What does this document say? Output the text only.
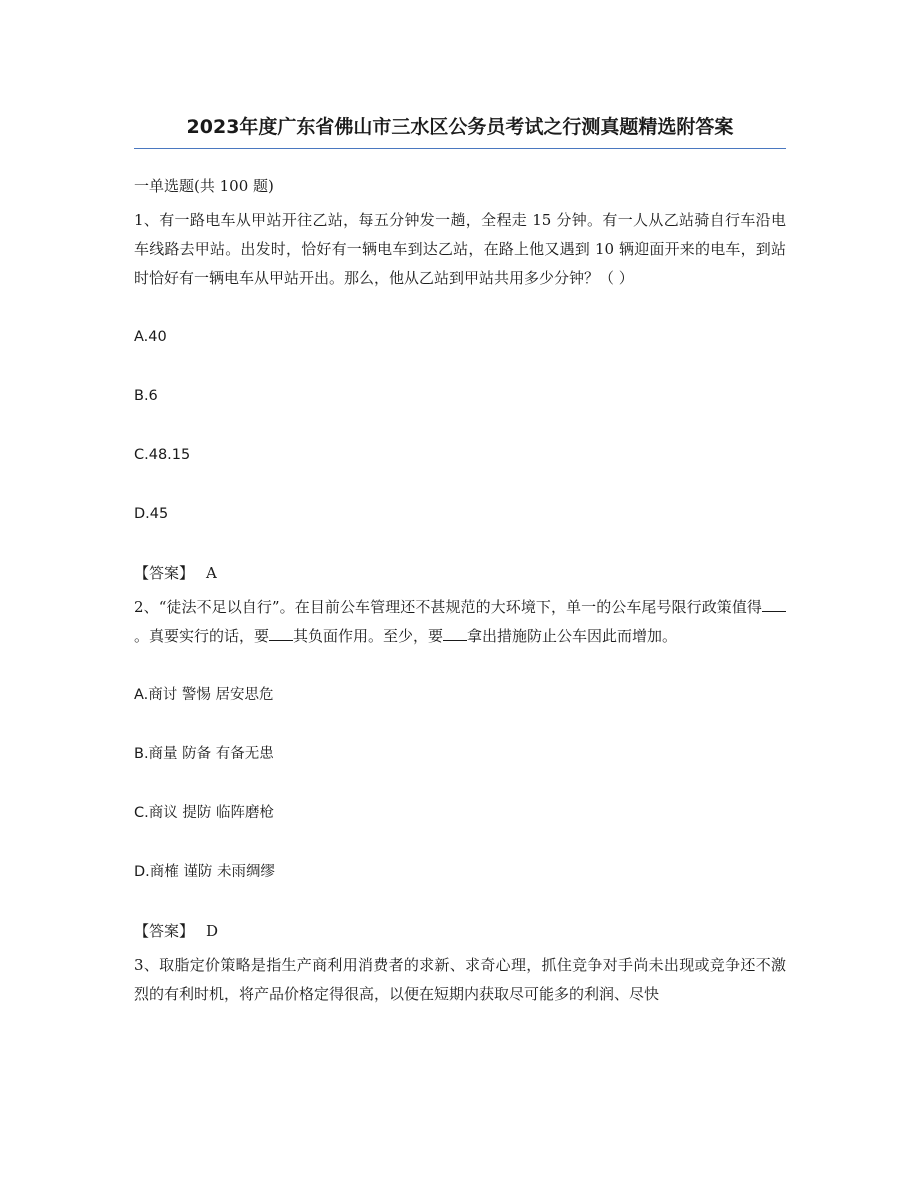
2023年度广东省佛山市三水区公务员考试之行测真题精选附答案

一单选题(共 100 题)

1、有一路电车从甲站开往乙站，每五分钟发一趟，全程走 15 分钟。有一人从乙站骑自行车沿电车线路去甲站。出发时，恰好有一辆电车到达乙站，在路上他又遇到 10 辆迎面开来的电车，到站时恰好有一辆电车从甲站开出。那么，他从乙站到甲站共用多少分钟？（ ）

A.40

B.6

C.48.15

D.45

【答案】 A

2、“徒法不足以自行”。在目前公车管理还不甚规范的大环境下，单一的公车尾号限行政策值得。真要实行的话，要 其负面作用。至少，要 拿出措施防止公车因此而增加。

A.商讨 警惕 居安思危

B.商量 防备 有备无患

C.商议 提防 临阵磨枪

D.商榷 谨防 未雨绸缪

【答案】 D

3、取脂定价策略是指生产商利用消费者的求新、求奇心理，抓住竞争对手尚未出现或竞争还不激烈的有利时机，将产品价格定得很高，以便在短期内获取尽可能多的利润、尽快
